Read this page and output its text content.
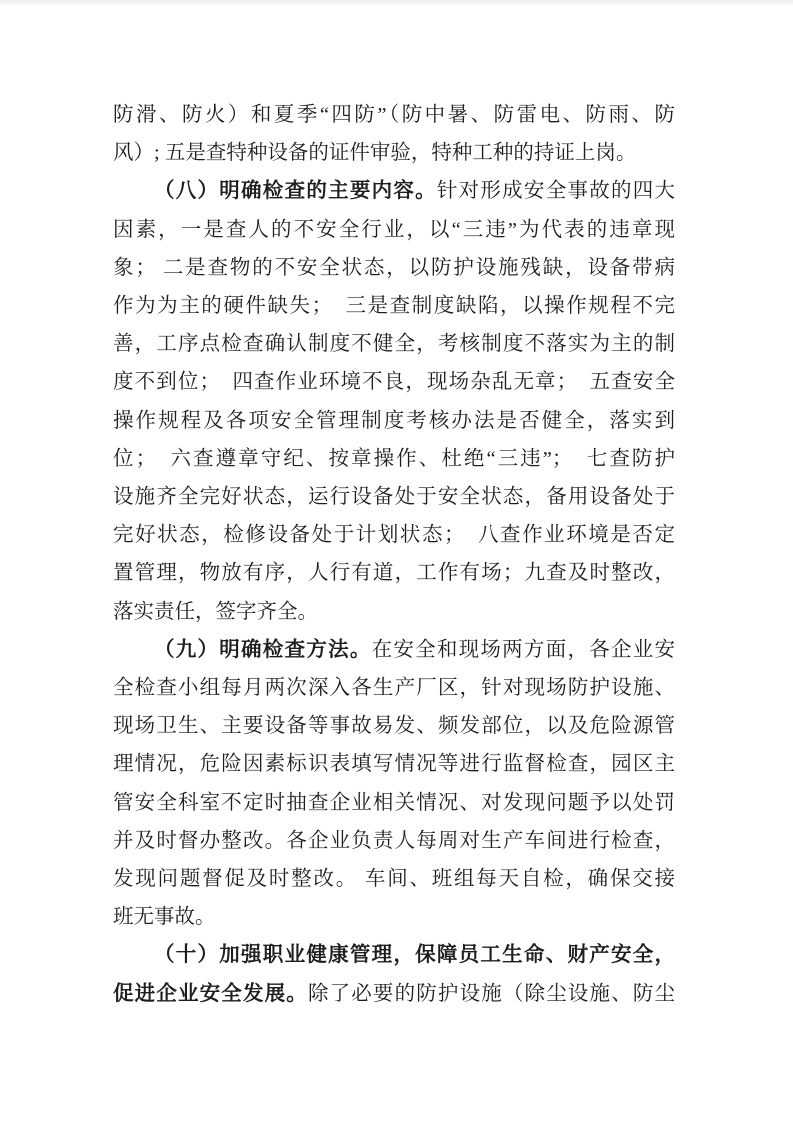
防滑、防火）和夏季“四防”（防中暑、防雷电、防雨、防
风）; 五是查特种设备的证件审验，特种工种的持证上岗。
（八）明确检查的主要内容。针对形成安全事故的四大
因素，一是查人的不安全行业，以“三违”为代表的违章现
象； 二是查物的不安全状态，以防护设施残缺，设备带病
作为为主的硬件缺失；  三是查制度缺陷，以操作规程不完
善，工序点检查确认制度不健全，考核制度不落实为主的制
度不到位；  四查作业环境不良，现场杂乱无章；  五查安全
操作规程及各项安全管理制度考核办法是否健全，落实到
位；  六查遵章守纪、按章操作、杜绝“三违”；  七查防护
设施齐全完好状态，运行设备处于安全状态，备用设备处于
完好状态，检修设备处于计划状态；  八查作业环境是否定
置管理，物放有序，人行有道，工作有场；九查及时整改，
落实责任，签字齐全。
（九）明确检查方法。在安全和现场两方面，各企业安
全检查小组每月两次深入各生产厂区，针对现场防护设施、
现场卫生、主要设备等事故易发、频发部位，以及危险源管
理情况，危险因素标识表填写情况等进行监督检查，园区主
管安全科室不定时抽查企业相关情况、对发现问题予以处罚
并及时督办整改。各企业负责人每周对生产车间进行检查，
发现问题督促及时整改。 车间、班组每天自检，确保交接
班无事故。
（十）加强职业健康管理，保障员工生命、财产安全，
促进企业安全发展。除了必要的防护设施（除尘设施、防尘
